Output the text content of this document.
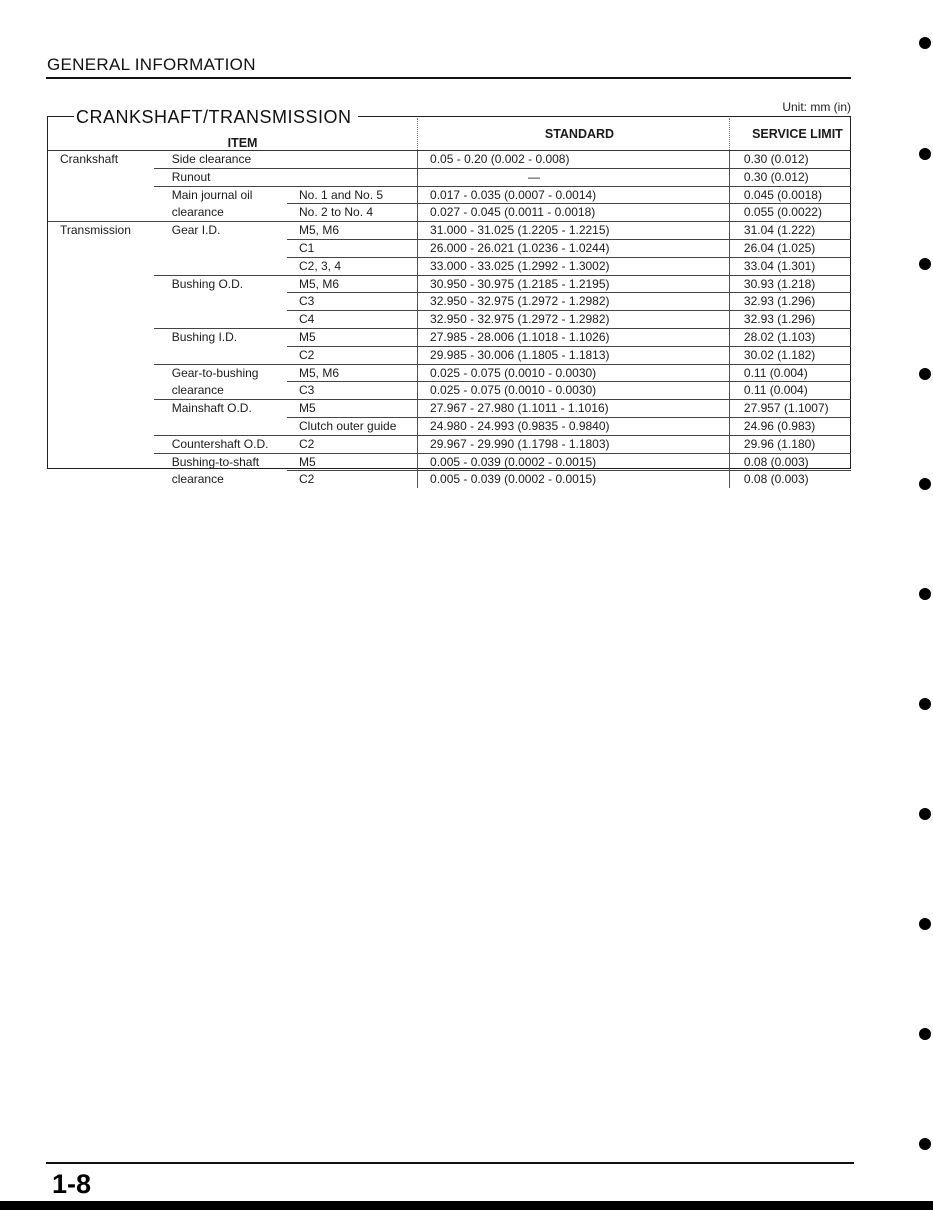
GENERAL INFORMATION
Unit: mm (in)
CRANKSHAFT/TRANSMISSION
ITEM			STANDARD	SERVICE LIMIT
Crankshaft	Side clearance		0.05 - 0.20 (0.002 - 0.008)	0.30 (0.012)
	Runout		—	0.30 (0.012)
	Main journal oil	No. 1 and No. 5	0.017 - 0.035 (0.0007 - 0.0014)	0.045 (0.0018)
	clearance	No. 2 to No. 4	0.027 - 0.045 (0.0011 - 0.0018)	0.055 (0.0022)
Transmission	Gear I.D.	M5, M6	31.000 - 31.025 (1.2205 - 1.2215)	31.04 (1.222)
		C1	26.000 - 26.021 (1.0236 - 1.0244)	26.04 (1.025)
		C2, 3, 4	33.000 - 33.025 (1.2992 - 1.3002)	33.04 (1.301)
	Bushing O.D.	M5, M6	30.950 - 30.975 (1.2185 - 1.2195)	30.93 (1.218)
		C3	32.950 - 32.975 (1.2972 - 1.2982)	32.93 (1.296)
		C4	32.950 - 32.975 (1.2972 - 1.2982)	32.93 (1.296)
	Bushing I.D.	M5	27.985 - 28.006 (1.1018 - 1.1026)	28.02 (1.103)
		C2	29.985 - 30.006 (1.1805 - 1.1813)	30.02 (1.182)
	Gear-to-bushing	M5, M6	0.025 - 0.075 (0.0010 - 0.0030)	0.11 (0.004)
	clearance	C3	0.025 - 0.075 (0.0010 - 0.0030)	0.11 (0.004)
	Mainshaft O.D.	M5	27.967 - 27.980 (1.1011 - 1.1016)	27.957 (1.1007)
		Clutch outer guide	24.980 - 24.993 (0.9835 - 0.9840)	24.96 (0.983)
	Countershaft O.D.	C2	29.967 - 29.990 (1.1798 - 1.1803)	29.96 (1.180)
	Bushing-to-shaft	M5	0.005 - 0.039 (0.0002 - 0.0015)	0.08 (0.003)
	clearance	C2	0.005 - 0.039 (0.0002 - 0.0015)	0.08 (0.003)
1-8
